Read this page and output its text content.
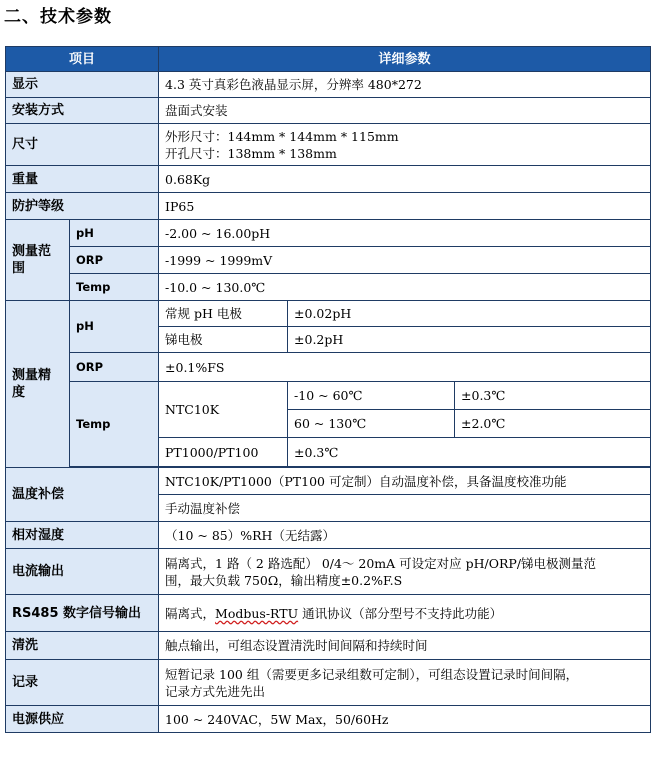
二、技术参数
项目		详细参数		
显示		4.3 英寸真彩色液晶显示屏，分辨率 480*272		
安装方式		盘面式安装		
尺寸		外形尺寸：144mm * 144mm * 115mm
开孔尺寸：138mm * 138mm		

重量		0.68Kg		
防护等级		IP65		
测量范围	pH	-2.00 ~ 16.00pH		
	ORP	-1999 ~ 1999mV		
	Temp	-10.0 ~ 130.0℃		
测量精度	pH	常规 pH 电极	±0.02pH	
		锑电极	±0.2pH	
	ORP	±0.1%FS		
	Temp	NTC10K	-10 ~ 60℃	±0.3℃
			60 ~ 130℃	±2.0℃
		PT1000/PT100	±0.3℃	

温度补偿		NTC10K/PT1000（PT100 可定制）自动温度补偿，具备温度校准功能		
		手动温度补偿		
相对湿度		（10 ~ 85）%RH（无结露）		
电流输出		隔离式，1 路（ 2 路选配） 0/4～ 20mA 可设定对应 pH/ORP/锑电极测量范
围，最大负载 750Ω，输出精度±0.2%F.S		

RS485 数字信号输出		隔离式，Modbus-RTU 通讯协议（部分型号不支持此功能）		
清洗		触点输出，可组态设置清洗时间间隔和持续时间		
记录		短暂记录 100 组（需要更多记录组数可定制），可组态设置记录时间间隔，
记录方式先进先出		

电源供应		100 ~ 240VAC，5W Max，50/60Hz		
